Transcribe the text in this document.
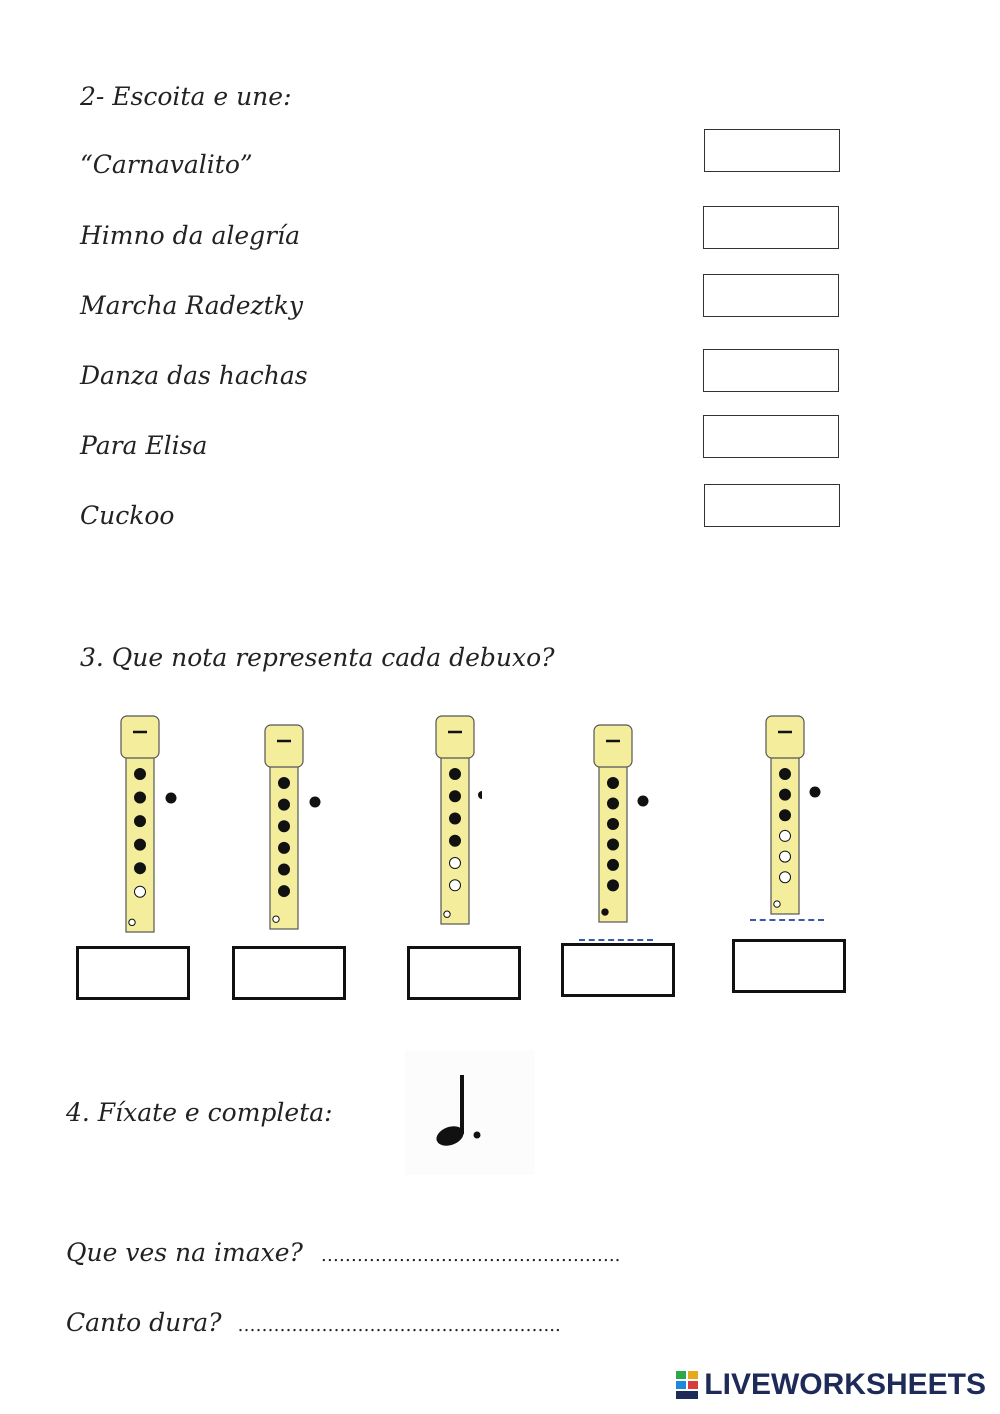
2- Escoita e une:
“Carnavalito”
Himno da alegría
Marcha Radeztky
Danza das hachas
Para Elisa
Cuckoo
3. Que nota representa cada debuxo?
4. Fíxate e completa:
Que ves na imaxe? …………………………………………..
Canto dura? ……………………………………………...
LIVEWORKSHEETS
